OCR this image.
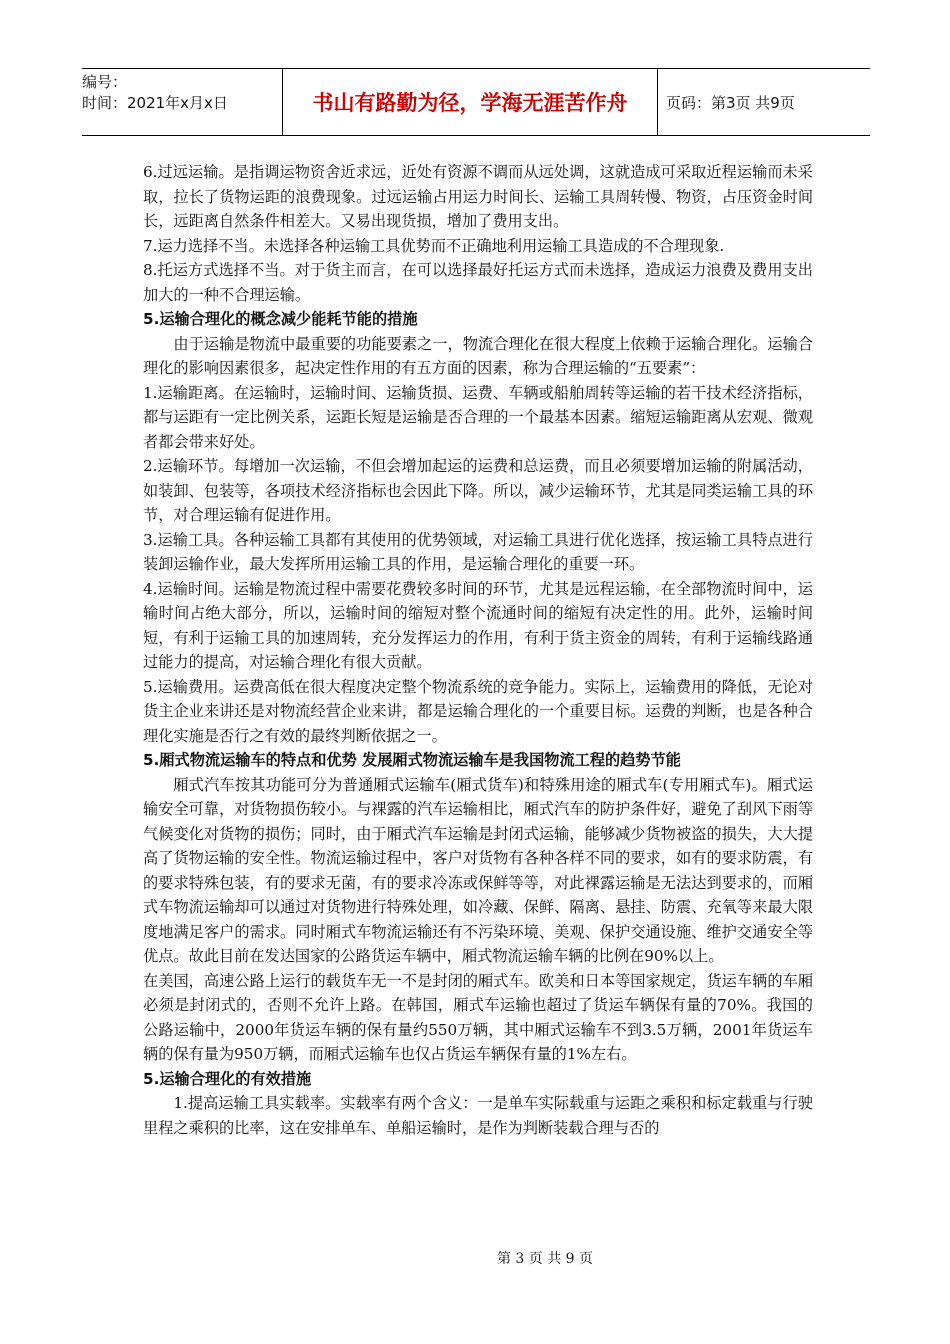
编号：
时间：2021年x月x日	书山有路勤为径，学海无涯苦作舟	页码：第3页 共9页

6.过远运输。是指调运物资舍近求远，近处有资源不调而从远处调，这就造成可采取近程运输而未采取，拉长了货物运距的浪费现象。过远运输占用运力时间长、运输工具周转慢、物资，占压资金时间长，远距离自然条件相差大。又易出现货损，增加了费用支出。

7.运力选择不当。未选择各种运输工具优势而不正确地利用运输工具造成的不合理现象.

8.托运方式选择不当。对于货主而言，在可以选择最好托运方式而未选择，造成运力浪费及费用支出加大的一种不合理运输。

5.运输合理化的概念减少能耗节能的措施

由于运输是物流中最重要的功能要素之一，物流合理化在很大程度上依赖于运输合理化。运输合理化的影响因素很多，起决定性作用的有五方面的因素，称为合理运输的“五要素”：

1.运输距离。在运输时，运输时间、运输货损、运费、车辆或船舶周转等运输的若干技术经济指标，都与运距有一定比例关系，运距长短是运输是否合理的一个最基本因素。缩短运输距离从宏观、微观者都会带来好处。

2.运输环节。每增加一次运输，不但会增加起运的运费和总运费，而且必须要增加运输的附属活动，如装卸、包装等，各项技术经济指标也会因此下降。所以，减少运输环节，尤其是同类运输工具的环节，对合理运输有促进作用。

3.运输工具。各种运输工具都有其使用的优势领域，对运输工具进行优化选择，按运输工具特点进行装卸运输作业，最大发挥所用运输工具的作用，是运输合理化的重要一环。

4.运输时间。运输是物流过程中需要花费较多时间的环节，尤其是远程运输，在全部物流时间中，运输时间占绝大部分，所以，运输时间的缩短对整个流通时间的缩短有决定性的用。此外，运输时间短，有利于运输工具的加速周转，充分发挥运力的作用，有利于货主资金的周转，有利于运输线路通过能力的提高，对运输合理化有很大贡献。

5.运输费用。运费高低在很大程度决定整个物流系统的竞争能力。实际上，运输费用的降低，无论对货主企业来讲还是对物流经营企业来讲，都是运输合理化的一个重要目标。运费的判断，也是各种合理化实施是否行之有效的最终判断依据之一。

5.厢式物流运输车的特点和优势 发展厢式物流运输车是我国物流工程的趋势节能

厢式汽车按其功能可分为普通厢式运输车(厢式货车)和特殊用途的厢式车(专用厢式车)。厢式运输安全可靠，对货物损伤较小。与裸露的汽车运输相比，厢式汽车的防护条件好，避免了刮风下雨等气候变化对货物的损伤；同时，由于厢式汽车运输是封闭式运输，能够减少货物被盗的损失，大大提高了货物运输的安全性。物流运输过程中，客户对货物有各种各样不同的要求，如有的要求防震，有的要求特殊包装，有的要求无菌，有的要求冷冻或保鲜等等，对此裸露运输是无法达到要求的，而厢式车物流运输却可以通过对货物进行特殊处理，如冷藏、保鲜、隔离、悬挂、防震、充氧等来最大限度地满足客户的需求。同时厢式车物流运输还有不污染环境、美观、保护交通设施、维护交通安全等优点。故此目前在发达国家的公路货运车辆中，厢式物流运输车辆的比例在90%以上。

在美国，高速公路上运行的载货车无一不是封闭的厢式车。欧美和日本等国家规定，货运车辆的车厢必须是封闭式的，否则不允许上路。在韩国，厢式车运输也超过了货运车辆保有量的70%。我国的公路运输中，2000年货运车辆的保有量约550万辆，其中厢式运输车不到3.5万辆，2001年货运车辆的保有量为950万辆，而厢式运输车也仅占货运车辆保有量的1%左右。

5.运输合理化的有效措施

1.提高运输工具实载率。实载率有两个含义：一是单车实际载重与运距之乘积和标定载重与行驶里程之乘积的比率，这在安排单车、单船运输时，是作为判断装载合理与否的

第 3 页 共 9 页
